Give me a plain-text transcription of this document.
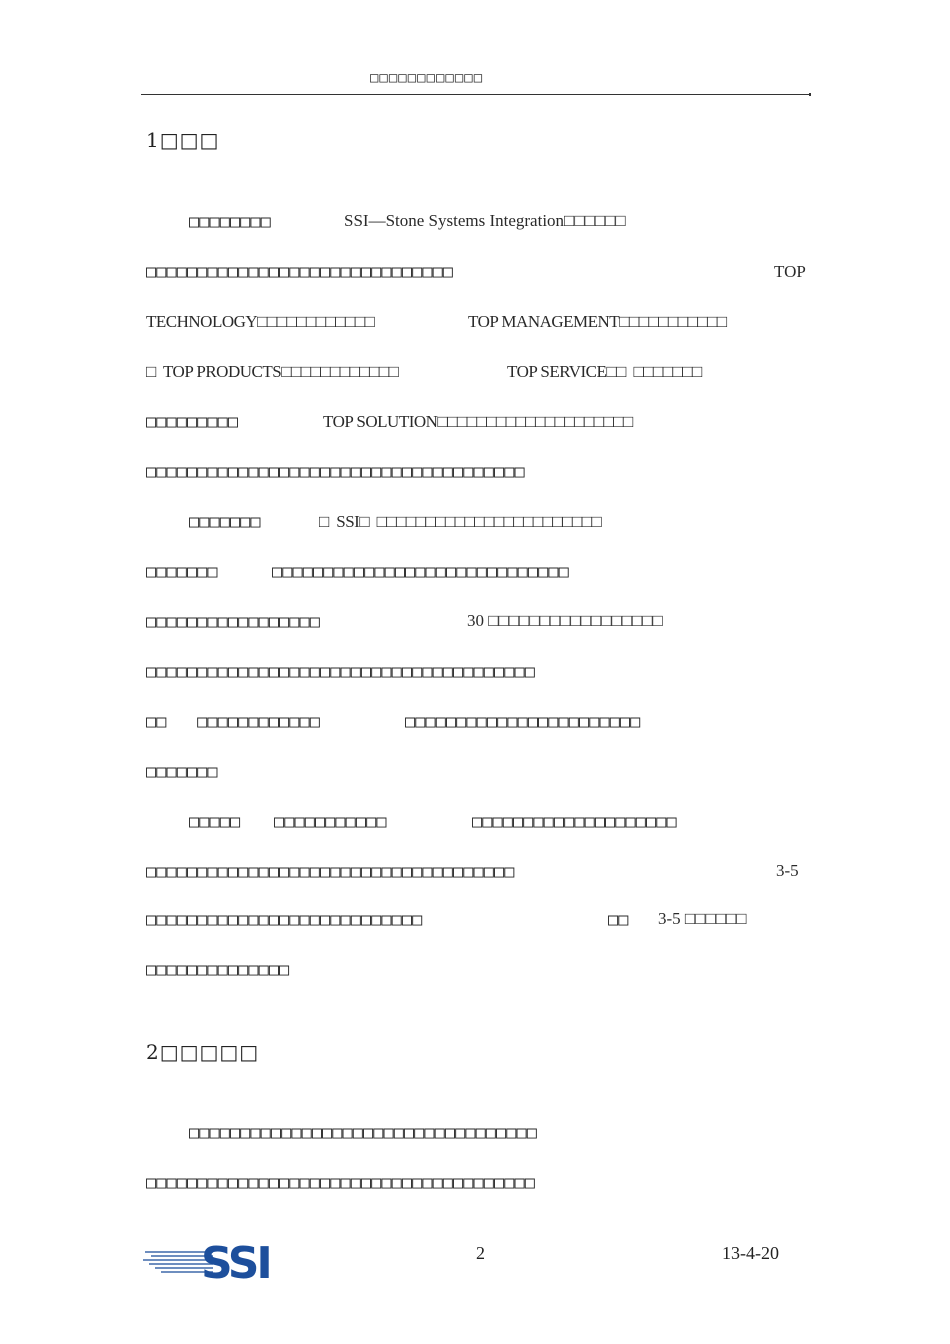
□□□□□□□□□□□□
1□□□
□□□□□□□□	SSI—Stone Systems Integration□□□□□□
□□□□□□□□□□□□□□□□□□□□□□□□□□□□□□	TOP
TECHNOLOGY□□□□□□□□□□□□	TOP MANAGEMENT□□□□□□□□□□□
□  TOP PRODUCTS□□□□□□□□□□□□	TOP SERVICE□□  □□□□□□□
□□□□□□□□□	TOP SOLUTION□□□□□□□□□□□□□□□□□□□□
□□□□□□□□□□□□□□□□□□□□□□□□□□□□□□□□□□□□□
□□□□□□□	□  SSI□  □□□□□□□□□□□□□□□□□□□□□□□
□□□□□□□	□□□□□□□□□□□□□□□□□□□□□□□□□□□□□
□□□□□□□□□□□□□□□□□	30 □□□□□□□□□□□□□□□□□
□□□□□□□□□□□□□□□□□□□□□□□□□□□□□□□□□□□□□□
□□   □□□□□□□□□□□□	□□□□□□□□□□□□□□□□□□□□□□□
□□□□□□□
□□□□□ □□□□□□□□□□□	□□□□□□□□□□□□□□□□□□□□
□□□□□□□□□□□□□□□□□□□□□□□□□□□□□□□□□□□□	3-5
□□□□□□□□□□□□□□□□□□□□□□□□□□□	□□ 3-5 □□□□□□
□□□□□□□□□□□□□□
2□□□□□
□□□□□□□□□□□□□□□□□□□□□□□□□□□□□□□□□□
□□□□□□□□□□□□□□□□□□□□□□□□□□□□□□□□□□□□□□
SSI	2	13-4-20
